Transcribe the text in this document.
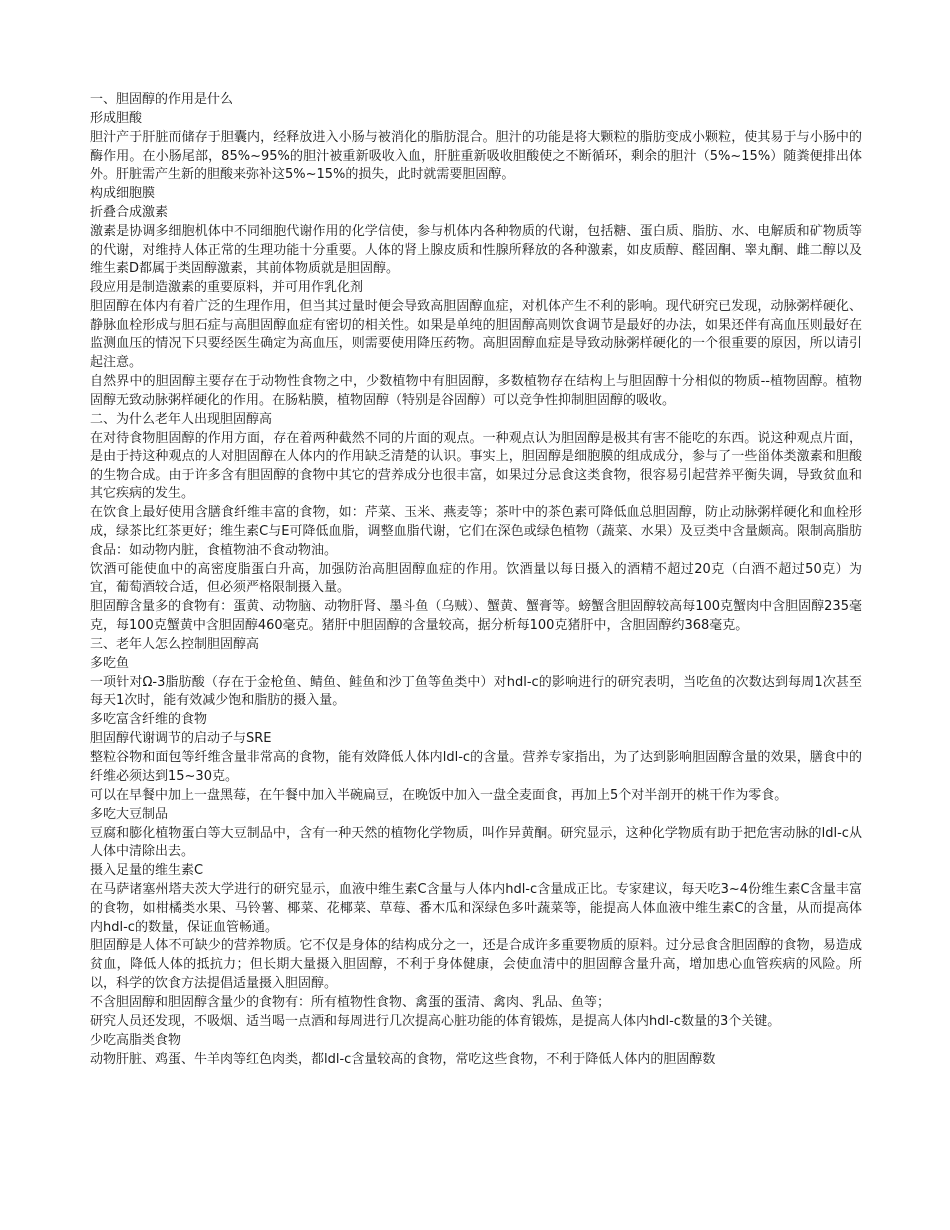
一、胆固醇的作用是什么

形成胆酸

胆汁产于肝脏而储存于胆囊内，经释放进入小肠与被消化的脂肪混合。胆汁的功能是将大颗粒的脂肪变成小颗粒，使其易于与小肠中的酶作用。在小肠尾部，85%~95%的胆汁被重新吸收入血，肝脏重新吸收胆酸使之不断循环，剩余的胆汁（5%~15%）随粪便排出体外。肝脏需产生新的胆酸来弥补这5%~15%的损失，此时就需要胆固醇。

构成细胞膜

折叠合成激素

激素是协调多细胞机体中不同细胞代谢作用的化学信使，参与机体内各种物质的代谢，包括糖、蛋白质、脂肪、水、电解质和矿物质等的代谢，对维持人体正常的生理功能十分重要。人体的肾上腺皮质和性腺所释放的各种激素，如皮质醇、醛固酮、睾丸酮、雌二醇以及维生素D都属于类固醇激素，其前体物质就是胆固醇。

段应用是制造激素的重要原料，并可用作乳化剂

胆固醇在体内有着广泛的生理作用，但当其过量时便会导致高胆固醇血症，对机体产生不利的影响。现代研究已发现，动脉粥样硬化、静脉血栓形成与胆石症与高胆固醇血症有密切的相关性。如果是单纯的胆固醇高则饮食调节是最好的办法，如果还伴有高血压则最好在监测血压的情况下只要经医生确定为高血压，则需要使用降压药物。高胆固醇血症是导致动脉粥样硬化的一个很重要的原因，所以请引起注意。

自然界中的胆固醇主要存在于动物性食物之中，少数植物中有胆固醇，多数植物存在结构上与胆固醇十分相似的物质--植物固醇。植物固醇无致动脉粥样硬化的作用。在肠粘膜，植物固醇（特别是谷固醇）可以竞争性抑制胆固醇的吸收。

二、为什么老年人出现胆固醇高

在对待食物胆固醇的作用方面，存在着两种截然不同的片面的观点。一种观点认为胆固醇是极其有害不能吃的东西。说这种观点片面，是由于持这种观点的人对胆固醇在人体内的作用缺乏清楚的认识。事实上，胆固醇是细胞膜的组成成分，参与了一些甾体类激素和胆酸的生物合成。由于许多含有胆固醇的食物中其它的营养成分也很丰富，如果过分忌食这类食物，很容易引起营养平衡失调，导致贫血和其它疾病的发生。

在饮食上最好使用含膳食纤维丰富的食物，如：芹菜、玉米、燕麦等；茶叶中的茶色素可降低血总胆固醇，防止动脉粥样硬化和血栓形成，绿茶比红茶更好；维生素C与E可降低血脂，调整血脂代谢，它们在深色或绿色植物（蔬菜、水果）及豆类中含量颇高。限制高脂肪食品：如动物内脏，食植物油不食动物油。

饮酒可能使血中的高密度脂蛋白升高，加强防治高胆固醇血症的作用。饮酒量以每日摄入的酒精不超过20克（白酒不超过50克）为宜，葡萄酒较合适，但必须严格限制摄入量。

胆固醇含量多的食物有：蛋黄、动物脑、动物肝肾、墨斗鱼（乌贼）、蟹黄、蟹膏等。螃蟹含胆固醇较高每100克蟹肉中含胆固醇235毫克，每100克蟹黄中含胆固醇460毫克。猪肝中胆固醇的含量较高，据分析每100克猪肝中，含胆固醇约368毫克。

三、老年人怎么控制胆固醇高

多吃鱼

一项针对Ω-3脂肪酸（存在于金枪鱼、鲭鱼、鲑鱼和沙丁鱼等鱼类中）对hdl-c的影响进行的研究表明，当吃鱼的次数达到每周1次甚至每天1次时，能有效减少饱和脂肪的摄入量。

多吃富含纤维的食物

胆固醇代谢调节的启动子与SRE

整粒谷物和面包等纤维含量非常高的食物，能有效降低人体内ldl-c的含量。营养专家指出，为了达到影响胆固醇含量的效果，膳食中的纤维必须达到15~30克。

可以在早餐中加上一盘黑莓，在午餐中加入半碗扁豆，在晚饭中加入一盘全麦面食，再加上5个对半剖开的桃干作为零食。

多吃大豆制品

豆腐和膨化植物蛋白等大豆制品中，含有一种天然的植物化学物质，叫作异黄酮。研究显示，这种化学物质有助于把危害动脉的ldl-c从人体中清除出去。

摄入足量的维生素C

在马萨诸塞州塔夫茨大学进行的研究显示，血液中维生素C含量与人体内hdl-c含量成正比。专家建议，每天吃3~4份维生素C含量丰富的食物，如柑橘类水果、马铃薯、椰菜、花椰菜、草莓、番木瓜和深绿色多叶蔬菜等，能提高人体血液中维生素C的含量，从而提高体内hdl-c的数量，保证血管畅通。

胆固醇是人体不可缺少的营养物质。它不仅是身体的结构成分之一，还是合成许多重要物质的原料。过分忌食含胆固醇的食物，易造成贫血，降低人体的抵抗力；但长期大量摄入胆固醇，不利于身体健康，会使血清中的胆固醇含量升高，增加患心血管疾病的风险。所以，科学的饮食方法提倡适量摄入胆固醇。

不含胆固醇和胆固醇含量少的食物有：所有植物性食物、禽蛋的蛋清、禽肉、乳品、鱼等；

研究人员还发现，不吸烟、适当喝一点酒和每周进行几次提高心脏功能的体育锻炼，是提高人体内hdl-c数量的3个关键。

少吃高脂类食物

动物肝脏、鸡蛋、牛羊肉等红色肉类，都ldl-c含量较高的食物，常吃这些食物，不利于降低人体内的胆固醇数
